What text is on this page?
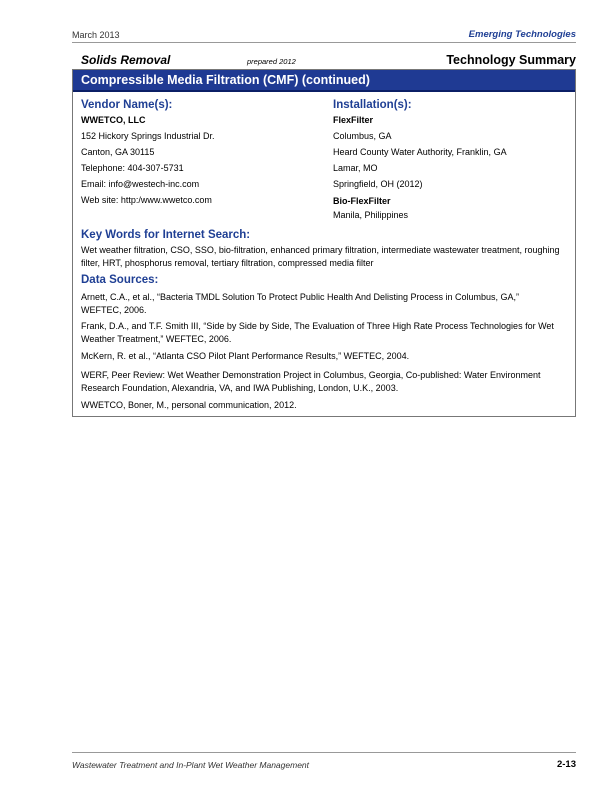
March 2013	Emerging Technologies
Solids Removal	prepared 2012	Technology Summary
Compressible Media Filtration (CMF) (continued)
Vendor Name(s):
WWETCO, LLC
152 Hickory Springs Industrial Dr.
Canton, GA 30115
Telephone: 404-307-5731
Email: info@westech-inc.com
Web site: http:/www.wwetco.com
Installation(s):
FlexFilter
Columbus, GA
Heard County Water Authority, Franklin, GA
Lamar, MO
Springfield, OH (2012)
Bio-FlexFilter
Manila, Philippines
Key Words for Internet Search:
Wet weather filtration, CSO, SSO, bio-filtration, enhanced primary filtration, intermediate wastewater treatment, roughing filter, HRT, phosphorus removal, tertiary filtration, compressed media filter
Data Sources:
Arnett, C.A., et al., “Bacteria TMDL Solution To Protect Public Health And Delisting Process in Columbus, GA,” WEFTEC, 2006.
Frank, D.A., and T.F. Smith III, “Side by Side by Side, The Evaluation of Three High Rate Process Technologies for Wet Weather Treatment,” WEFTEC, 2006.
McKern, R. et al., “Atlanta CSO Pilot Plant Performance Results,” WEFTEC, 2004.
WERF, Peer Review: Wet Weather Demonstration Project in Columbus, Georgia, Co-published: Water Environment Research Foundation, Alexandria, VA, and IWA Publishing, London, U.K., 2003.
WWETCO, Boner, M., personal communication, 2012.
Wastewater Treatment and In-Plant Wet Weather Management	2-13
